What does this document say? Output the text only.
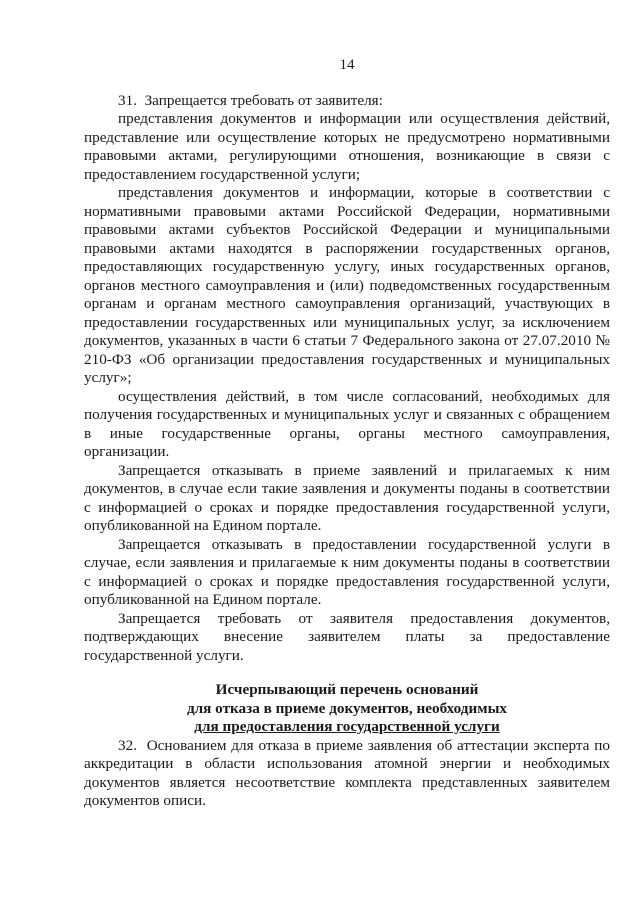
14

31. Запрещается требовать от заявителя:

представления документов и информации или осуществления действий, представление или осуществление которых не предусмотрено нормативными правовыми актами, регулирующими отношения, возникающие в связи с предоставлением государственной услуги;

представления документов и информации, которые в соответствии с нормативными правовыми актами Российской Федерации, нормативными правовыми актами субъектов Российской Федерации и муниципальными правовыми актами находятся в распоряжении государственных органов, предоставляющих государственную услугу, иных государственных органов, органов местного самоуправления и (или) подведомственных государственным органам и органам местного самоуправления организаций, участвующих в предоставлении государственных или муниципальных услуг, за исключением документов, указанных в части 6 статьи 7 Федерального закона от 27.07.2010 № 210-ФЗ «Об организации предоставления государственных и муниципальных услуг»;

осуществления действий, в том числе согласований, необходимых для получения государственных и муниципальных услуг и связанных с обращением в иные государственные органы, органы местного самоуправления, организации.

Запрещается отказывать в приеме заявлений и прилагаемых к ним документов, в случае если такие заявления и документы поданы в соответствии с информацией о сроках и порядке предоставления государственной услуги, опубликованной на Едином портале.

Запрещается отказывать в предоставлении государственной услуги в случае, если заявления и прилагаемые к ним документы поданы в соответствии с информацией о сроках и порядке предоставления государственной услуги, опубликованной на Едином портале.

Запрещается требовать от заявителя предоставления документов, подтверждающих внесение заявителем платы за предоставление государственной услуги.

Исчерпывающий перечень оснований
для отказа в приеме документов, необходимых
для предоставления государственной услуги

32. Основанием для отказа в приеме заявления об аттестации эксперта по аккредитации в области использования атомной энергии и необходимых документов является несоответствие комплекта представленных заявителем документов описи.
